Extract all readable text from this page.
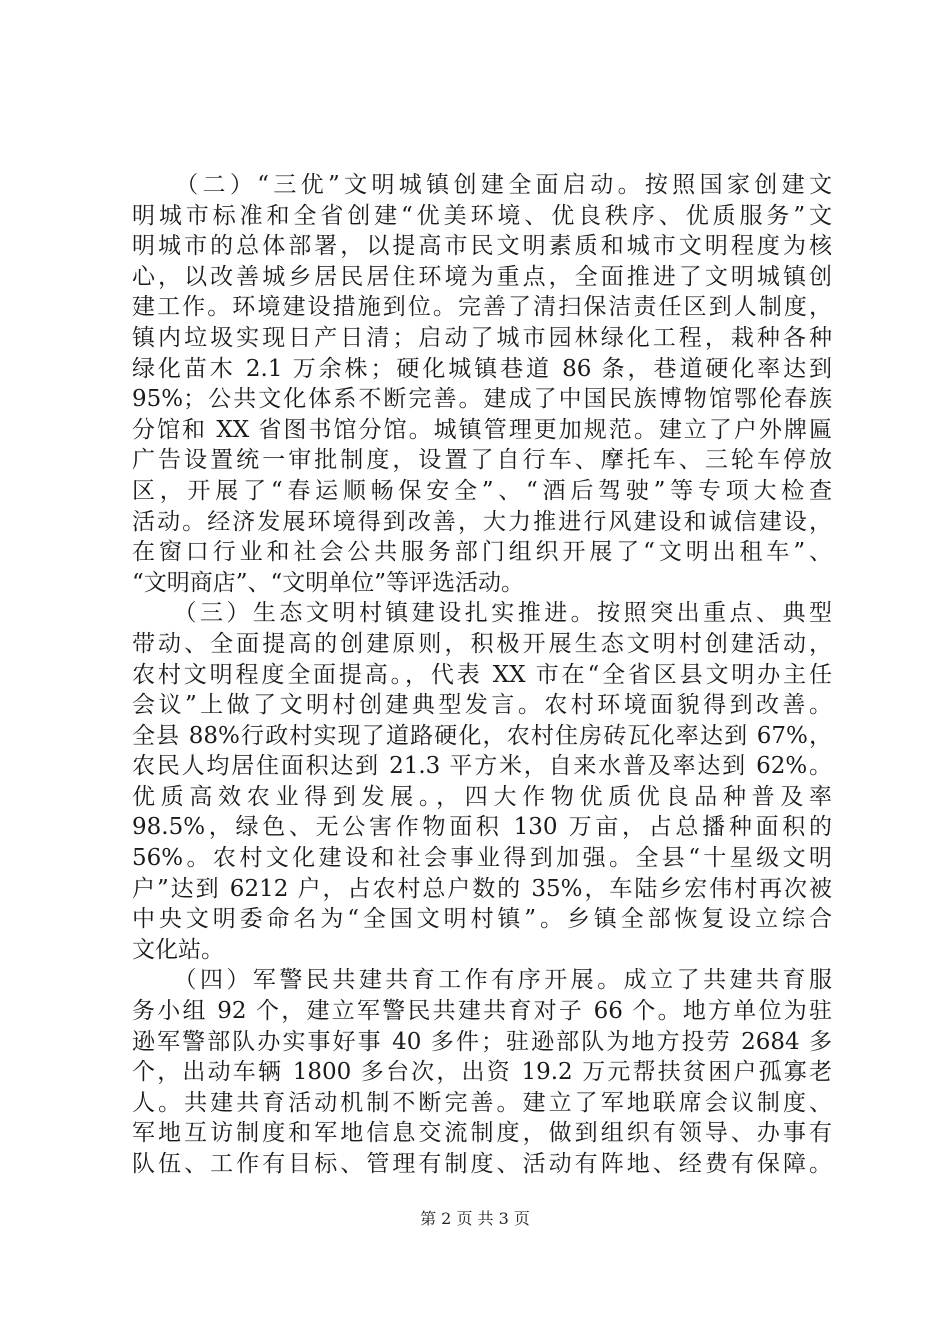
　　（二）“三优”文明城镇创建全面启动。按照国家创建文
明城市标准和全省创建“优美环境、优良秩序、优质服务”文
明城市的总体部署，以提高市民文明素质和城市文明程度为核
心，以改善城乡居民居住环境为重点，全面推进了文明城镇创
建工作。环境建设措施到位。完善了清扫保洁责任区到人制度，
镇内垃圾实现日产日清；启动了城市园林绿化工程，栽种各种
绿化苗木 2.1 万余株；硬化城镇巷道 86 条，巷道硬化率达到
95%；公共文化体系不断完善。建成了中国民族博物馆鄂伦春族
分馆和 XX 省图书馆分馆。城镇管理更加规范。建立了户外牌匾
广告设置统一审批制度，设置了自行车、摩托车、三轮车停放
区，开展了“春运顺畅保安全”、“酒后驾驶”等专项大检查
活动。经济发展环境得到改善，大力推进行风建设和诚信建设，
在窗口行业和社会公共服务部门组织开展了“文明出租车”、
“文明商店”、“文明单位”等评选活动。
　　（三）生态文明村镇建设扎实推进。按照突出重点、典型
带动、全面提高的创建原则，积极开展生态文明村创建活动，
农村文明程度全面提高。，代表 XX 市在“全省区县文明办主任
会议”上做了文明村创建典型发言。农村环境面貌得到改善。
全县 88%行政村实现了道路硬化，农村住房砖瓦化率达到 67%，
农民人均居住面积达到 21.3 平方米，自来水普及率达到 62%。
优质高效农业得到发展。，四大作物优质优良品种普及率
98.5%，绿色、无公害作物面积 130 万亩，占总播种面积的
56%。农村文化建设和社会事业得到加强。全县“十星级文明
户”达到 6212 户，占农村总户数的 35%，车陆乡宏伟村再次被
中央文明委命名为“全国文明村镇”。乡镇全部恢复设立综合
文化站。
　　（四）军警民共建共育工作有序开展。成立了共建共育服
务小组 92 个，建立军警民共建共育对子 66 个。地方单位为驻
逊军警部队办实事好事 40 多件；驻逊部队为地方投劳 2684 多
个，出动车辆 1800 多台次，出资 19.2 万元帮扶贫困户孤寡老
人。共建共育活动机制不断完善。建立了军地联席会议制度、
军地互访制度和军地信息交流制度，做到组织有领导、办事有
队伍、工作有目标、管理有制度、活动有阵地、经费有保障。
第 2 页 共 3 页
